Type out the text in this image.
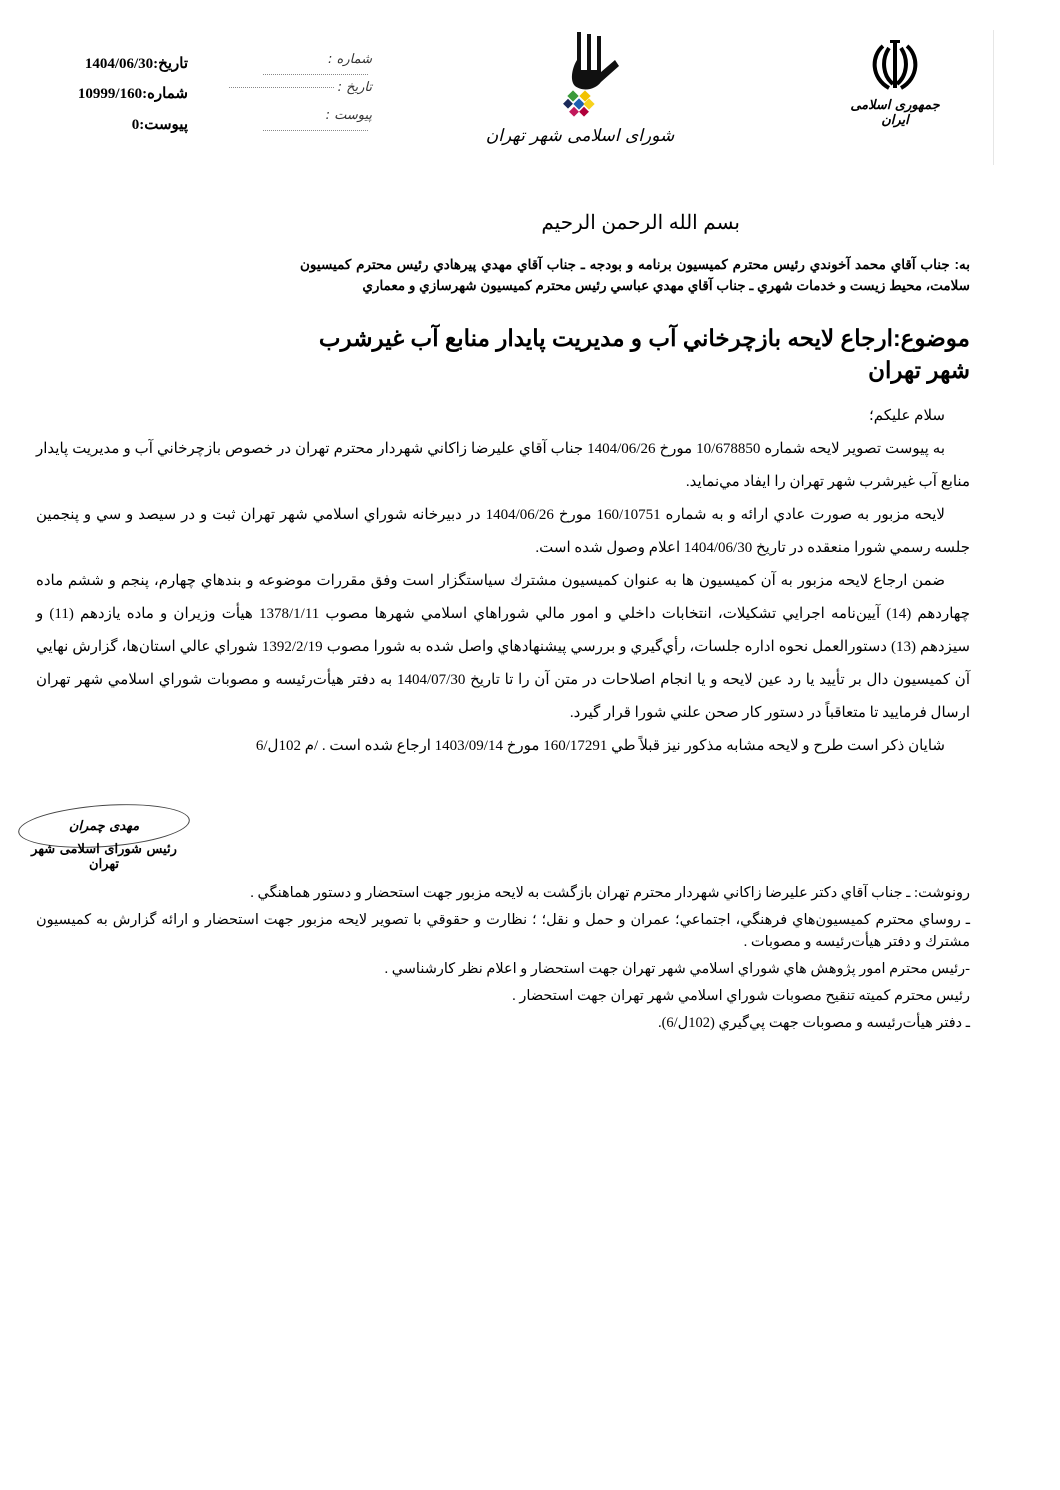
تاريخ:1404/06/30
شماره:10999/160
پيوست:0
شماره :
تاريخ :
پيوست :
شورای اسلامی شهر تهران
جمهوری اسلامی ایران
بسم الله الرحمن الرحيم
به: جناب آقاي محمد آخوندي رئيس محترم كميسيون برنامه و بودجه ـ جناب آقاي مهدي پيرهادي رئيس محترم كميسيون سلامت، محيط زيست و خدمات شهري ـ جناب آقاي مهدي عباسي رئيس محترم كميسيون شهرسازي و معماري
موضوع:ارجاع لايحه بازچرخاني آب و مديريت پايدار منابع آب غيرشرب شهر تهران

سلام عليكم؛

به پيوست تصوير لايحه شماره 10/678850 مورخ 1404/06/26 جناب آقاي عليرضا زاكاني شهردار محترم تهران در خصوص بازچرخاني آب و مديريت پايدار منابع آب غيرشرب شهر تهران را ايفاد مي‌نمايد.

لايحه مزبور به صورت عادي ارائه و به شماره 160/10751 مورخ 1404/06/26 در دبيرخانه شوراي اسلامي شهر تهران ثبت و در سيصد و سي و پنجمين جلسه رسمي شورا منعقده در تاريخ 1404/06/30 اعلام وصول شده است.

ضمن ارجاع لايحه مزبور به آن كميسيون ها به عنوان كميسيون مشترك سياستگزار است وفق مقررات موضوعه و بندهاي چهارم، پنجم و ششم ماده چهاردهم (14) آيين‌نامه اجرايي تشكيلات، انتخابات داخلي و امور مالي شوراهاي اسلامي شهرها مصوب 1378/1/11 هيأت وزيران و ماده يازدهم (11) و سيزدهم (13) دستورالعمل نحوه اداره جلسات، رأي‌گيري و بررسي پيشنهادهاي واصل شده به شورا مصوب 1392/2/19 شوراي عالي استان‌ها، گزارش نهايي آن كميسيون دال بر تأييد يا رد عين لايحه و يا انجام اصلاحات در متن آن را تا تاريخ 1404/07/30 به دفتر هيأت‌رئيسه و مصوبات شوراي اسلامي شهر تهران ارسال فرماييد تا متعاقباً در دستور كار صحن علني شورا قرار گيرد.

شايان ذكر است طرح و لايحه مشابه مذكور نيز قبلاً طي 160/17291 مورخ 1403/09/14 ارجاع شده است . /م 102ل/6

مهدی چمران
رئیس شورای اسلامی شهر تهران

رونوشت: ـ جناب آقاي دكتر عليرضا زاكاني شهردار محترم تهران بازگشت به لايحه مزبور جهت استحضار و دستور هماهنگي .

ـ روساي محترم كميسيون‌هاي فرهنگي، اجتماعي؛ عمران و حمل و نقل؛ ؛ نظارت و حقوقي با تصوير لايحه مزبور جهت استحضار و ارائه گزارش به كميسيون مشترك و دفتر هيأت‌رئيسه و مصوبات .

-رئيس محترم امور پژوهش هاي شوراي اسلامي شهر تهران جهت استحضار و اعلام نظر كارشناسي .

رئيس محترم كميته تنقيح مصوبات شوراي اسلامي شهر تهران جهت استحضار .

ـ دفتر هيأت‌رئيسه و مصوبات جهت پي‌گيري (102ل/6).
